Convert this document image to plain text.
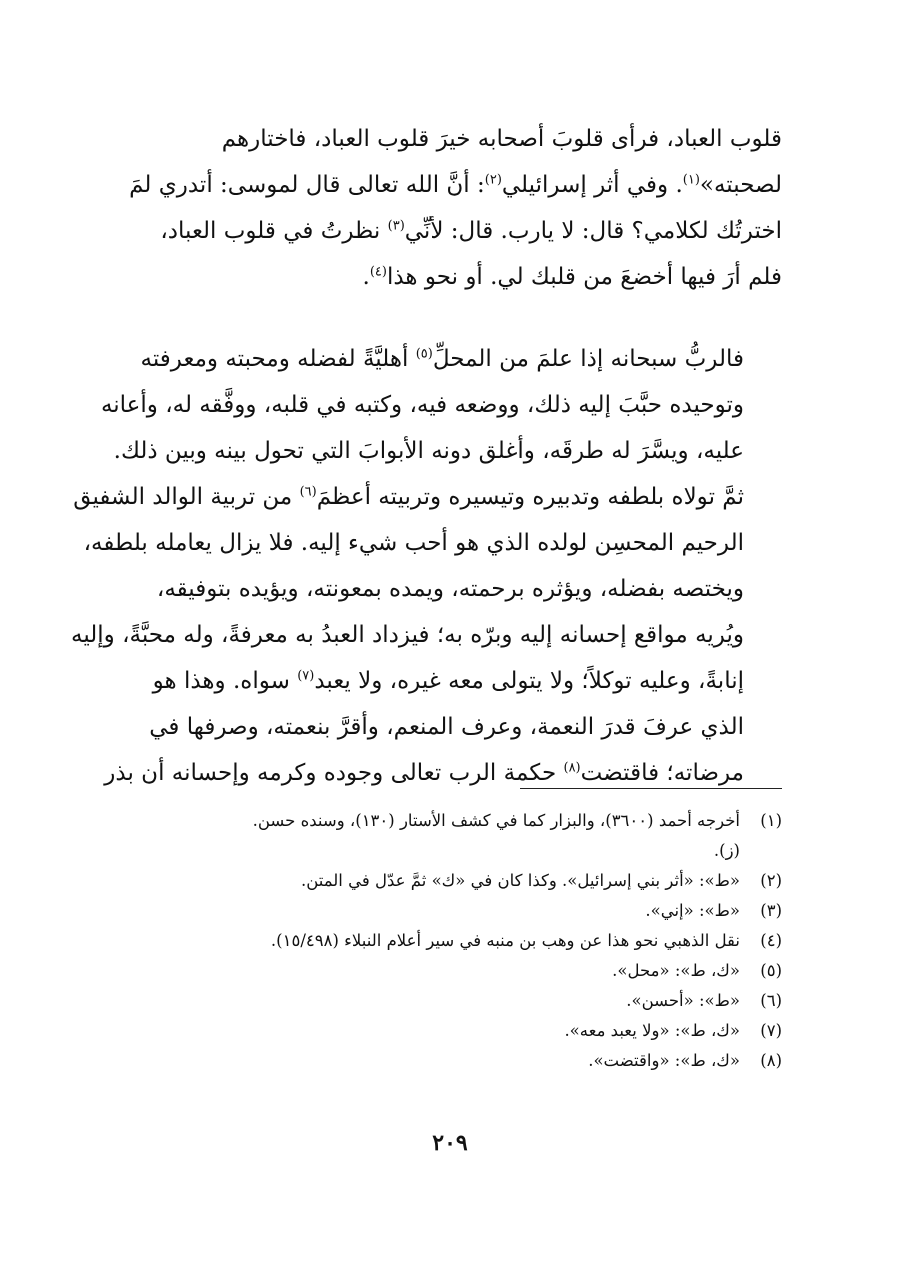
قلوب العباد، فرأى قلوبَ أصحابه خيرَ قلوب العباد، فاختارهم
لصحبته»$^{(١)}$. وفي أثر إسرائيلي$^{(٢)}$: أنَّ الله تعالى قال لموسى: أتدري لمَ
اخترتُك لكلامي؟ قال: لا يارب. قال: لأنِّي$^{(٣)}$ نظرتُ في قلوب العباد،
فلم أرَ فيها أخضعَ من قلبك لي. أو نحو هذا$^{(٤)}$.
فالربُّ سبحانه إذا علمَ من المحلِّ$^{(٥)}$ أهليَّةً لفضله ومحبته ومعرفته
وتوحيده حبَّبَ إليه ذلك، ووضعه فيه، وكتبه في قلبه، ووفَّقه له، وأعانه
عليه، ويسَّرَ له طرقَه، وأغلق دونه الأبوابَ التي تحول بينه وبين ذلك.
ثمَّ تولاه بلطفه وتدبيره وتيسيره وتربيته أعظمَ$^{(٦)}$ من تربية الوالد الشفيق
الرحيم المحسِن لولده الذي هو أحب شيء إليه. فلا يزال يعامله بلطفه،
ويختصه بفضله، ويؤثره برحمته، ويمده بمعونته، ويؤيده بتوفيقه،
ويُريه مواقع إحسانه إليه وبرّه به؛ فيزداد العبدُ به معرفةً، وله محبَّةً، وإليه
إنابةً، وعليه توكلاً؛ ولا يتولى معه غيره، ولا يعبد$^{(٧)}$ سواه. وهذا هو
الذي عرفَ قدرَ النعمة، وعرف المنعم، وأقرَّ بنعمته، وصرفها في
مرضاته؛ فاقتضت$^{(٨)}$ حكمة الرب تعالى وجوده وكرمه وإحسانه أن بذر
(١)
أخرجه أحمد (٣٦٠٠)، والبزار كما في كشف الأستار (١٣٠)، وسنده حسن.
(ز).
(٢)
«ط»: «أثر بني إسرائيل». وكذا كان في «ك» ثمَّ عدّل في المتن.
(٣)
«ط»: «إني».
(٤)
نقل الذهبي نحو هذا عن وهب بن منبه في سير أعلام النبلاء (١٥/٤٩٨).
(٥)
«ك، ط»: «محل».
(٦)
«ط»: «أحسن».
(٧)
«ك، ط»: «ولا يعبد معه».
(٨)
«ك، ط»: «واقتضت».
٢٠٩
